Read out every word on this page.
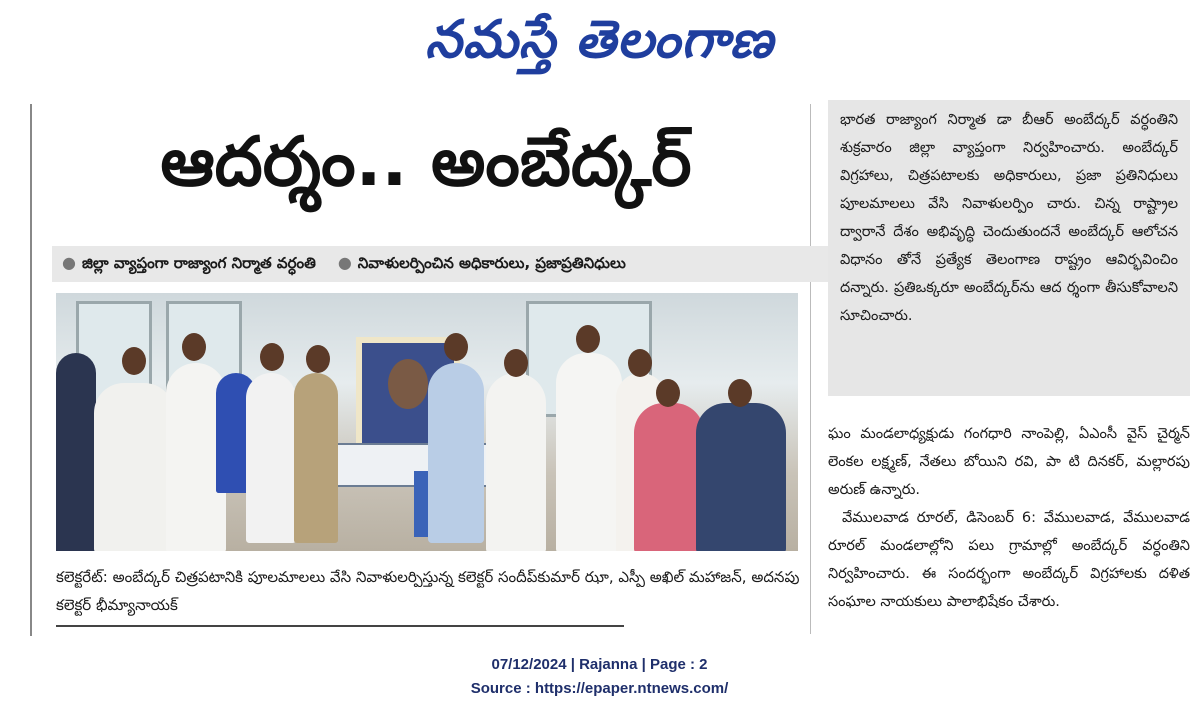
నమస్తే తెలంగాణ
ఆదర్శం.. అంబేద్కర్
● జిల్లా వ్యాప్తంగా రాజ్యాంగ నిర్మాత వర్ధంతి ● నివాళులర్పించిన అధికారులు, ప్రజాప్రతినిధులు
కలెక్టరేట్: అంబేద్కర్ చిత్రపటానికి పూలమాలలు వేసి నివాళులర్పిస్తున్న కలెక్టర్ సందీప్‌కుమార్ ఝా, ఎస్పీ అఖిల్ మహాజన్, అదనపు కలెక్టర్ భీమ్యానాయక్
భారత రాజ్యాంగ నిర్మాత డా బీఆర్ అంబేద్కర్ వర్ధంతిని శుక్రవారం జిల్లా వ్యాప్తంగా నిర్వహించారు. అంబేద్కర్ విగ్రహాలు, చిత్రపటాలకు అధికారులు, ప్రజా ప్రతినిధులు పూలమాలలు వేసి నివాళులర్పిం చారు. చిన్న రాష్ట్రాల ద్వారానే దేశం అభివృద్ధి చెందుతుందనే అంబేద్కర్ ఆలోచన విధానం తోనే ప్రత్యేక తెలంగాణ రాష్ట్రం ఆవిర్భవించిం దన్నారు. ప్రతిఒక్కరూ అంబేద్కర్‌ను ఆద ర్శంగా తీసుకోవాలని సూచించారు.

ఘం మండలాధ్యక్షుడు గంగధారి నాంపెల్లి, ఏఎంసీ వైస్ చైర్మన్ లెంకల లక్ష్మణ్, నేతలు బోయిని రవి, పా టి దినకర్, మల్లారపు అరుణ్ ఉన్నారు.

వేములవాడ రూరల్, డిసెంబర్ 6: వేములవాడ, వేములవాడ రూరల్ మండలాల్లోని పలు గ్రామాల్లో అంబేద్కర్ వర్ధంతిని నిర్వహించారు. ఈ సందర్భంగా అంబేద్కర్ విగ్రహాలకు దళిత సంఘాల నాయకులు పాలాభిషేకం చేశారు.

07/12/2024 | Rajanna | Page : 2
Source : https://epaper.ntnews.com/
